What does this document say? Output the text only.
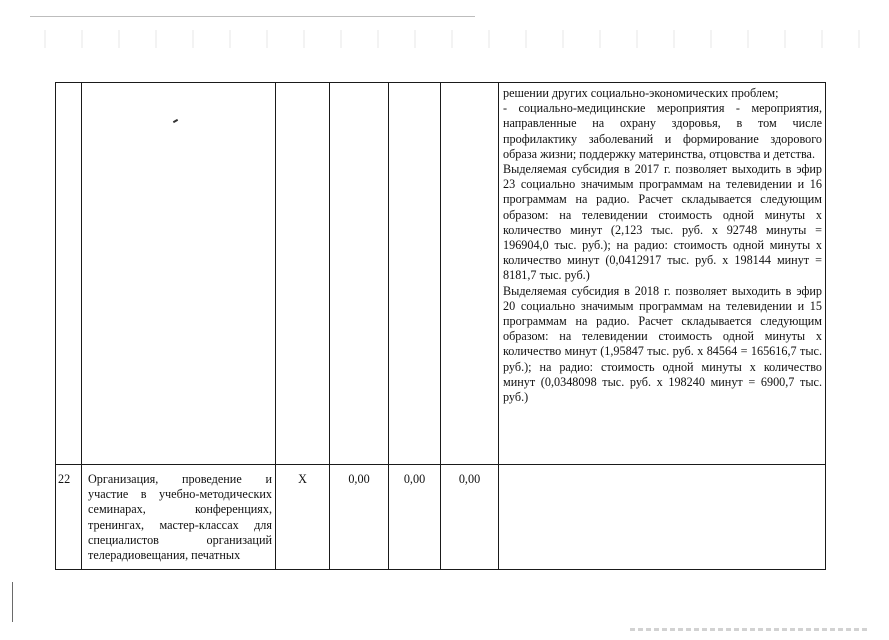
						решении других социально-экономических проблем;
- социально-медицинские мероприятия - мероприятия, направленные на охрану здоровья, в том числе профилактику заболеваний и формирование здорового образа жизни; поддержку материнства, отцовства и детства.
Выделяемая субсидия в 2017 г. позволяет выходить в эфир 23 социально значимым программам на телевидении и 16 программам на радио. Расчет складывается следующим образом: на телевидении стоимость одной минуты х количество минут (2,123 тыс. руб. х 92748 минуты = 196904,0 тыс. руб.); на радио: стоимость одной минуты х количество минут (0,0412917 тыс. руб. х 198144 минут = 8181,7 тыс. руб.)
Выделяемая субсидия в 2018 г. позволяет выходить в эфир 20 социально значимым программам на телевидении и 15 программам на радио. Расчет складывается следующим образом: на телевидении стоимость одной минуты х количество минут (1,95847 тыс. руб. х 84564 = 165616,7 тыс. руб.); на радио: стоимость одной минуты х количество минут (0,0348098 тыс. руб. х 198240 минут = 6900,7 тыс. руб.)

22	Организация, проведение и участие в учебно-методических семинарах, конференциях, тренингах, мастер-классах для специалистов организаций телерадиовещания, печатных	Х	0,00	0,00	0,00	
